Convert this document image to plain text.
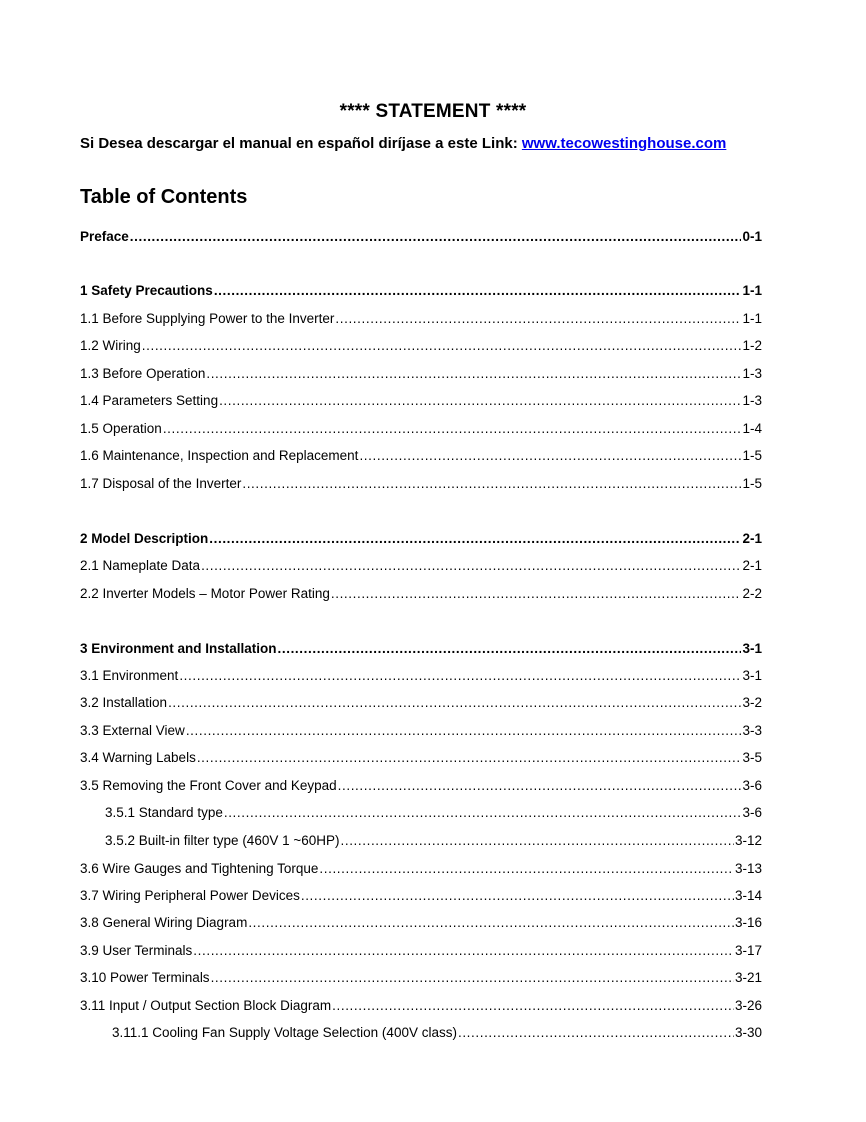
**** STATEMENT ****
Si Desea descargar el manual en español diríjase a este Link: www.tecowestinghouse.com
Table of Contents
Preface .....	0-1
1 Safety Precautions .....	1-1
1.1 Before Supplying Power to the Inverter .....	1-1
1.2 Wiring .....	1-2
1.3 Before Operation .....	1-3
1.4 Parameters Setting .....	1-3
1.5 Operation .....	1-4
1.6 Maintenance, Inspection and Replacement .....	1-5
1.7 Disposal of the Inverter .....	1-5
2 Model Description .....	2-1
2.1 Nameplate Data .....	2-1
2.2 Inverter Models – Motor Power Rating .....	2-2
3 Environment and Installation .....	3-1
3.1 Environment .....	3-1
3.2 Installation .....	3-2
3.3 External View .....	3-3
3.4 Warning Labels .....	3-5
3.5 Removing the Front Cover and Keypad .....	3-6
3.5.1 Standard type .....	3-6
3.5.2 Built-in filter type (460V 1 ~60HP) .....	3-12
3.6 Wire Gauges and Tightening Torque .....	3-13
3.7 Wiring Peripheral Power Devices .....	3-14
3.8 General Wiring Diagram .....	3-16
3.9 User Terminals .....	3-17
3.10 Power Terminals .....	3-21
3.11 Input / Output Section Block Diagram .....	3-26
3.11.1 Cooling Fan Supply Voltage Selection (400V class) .....	3-30
